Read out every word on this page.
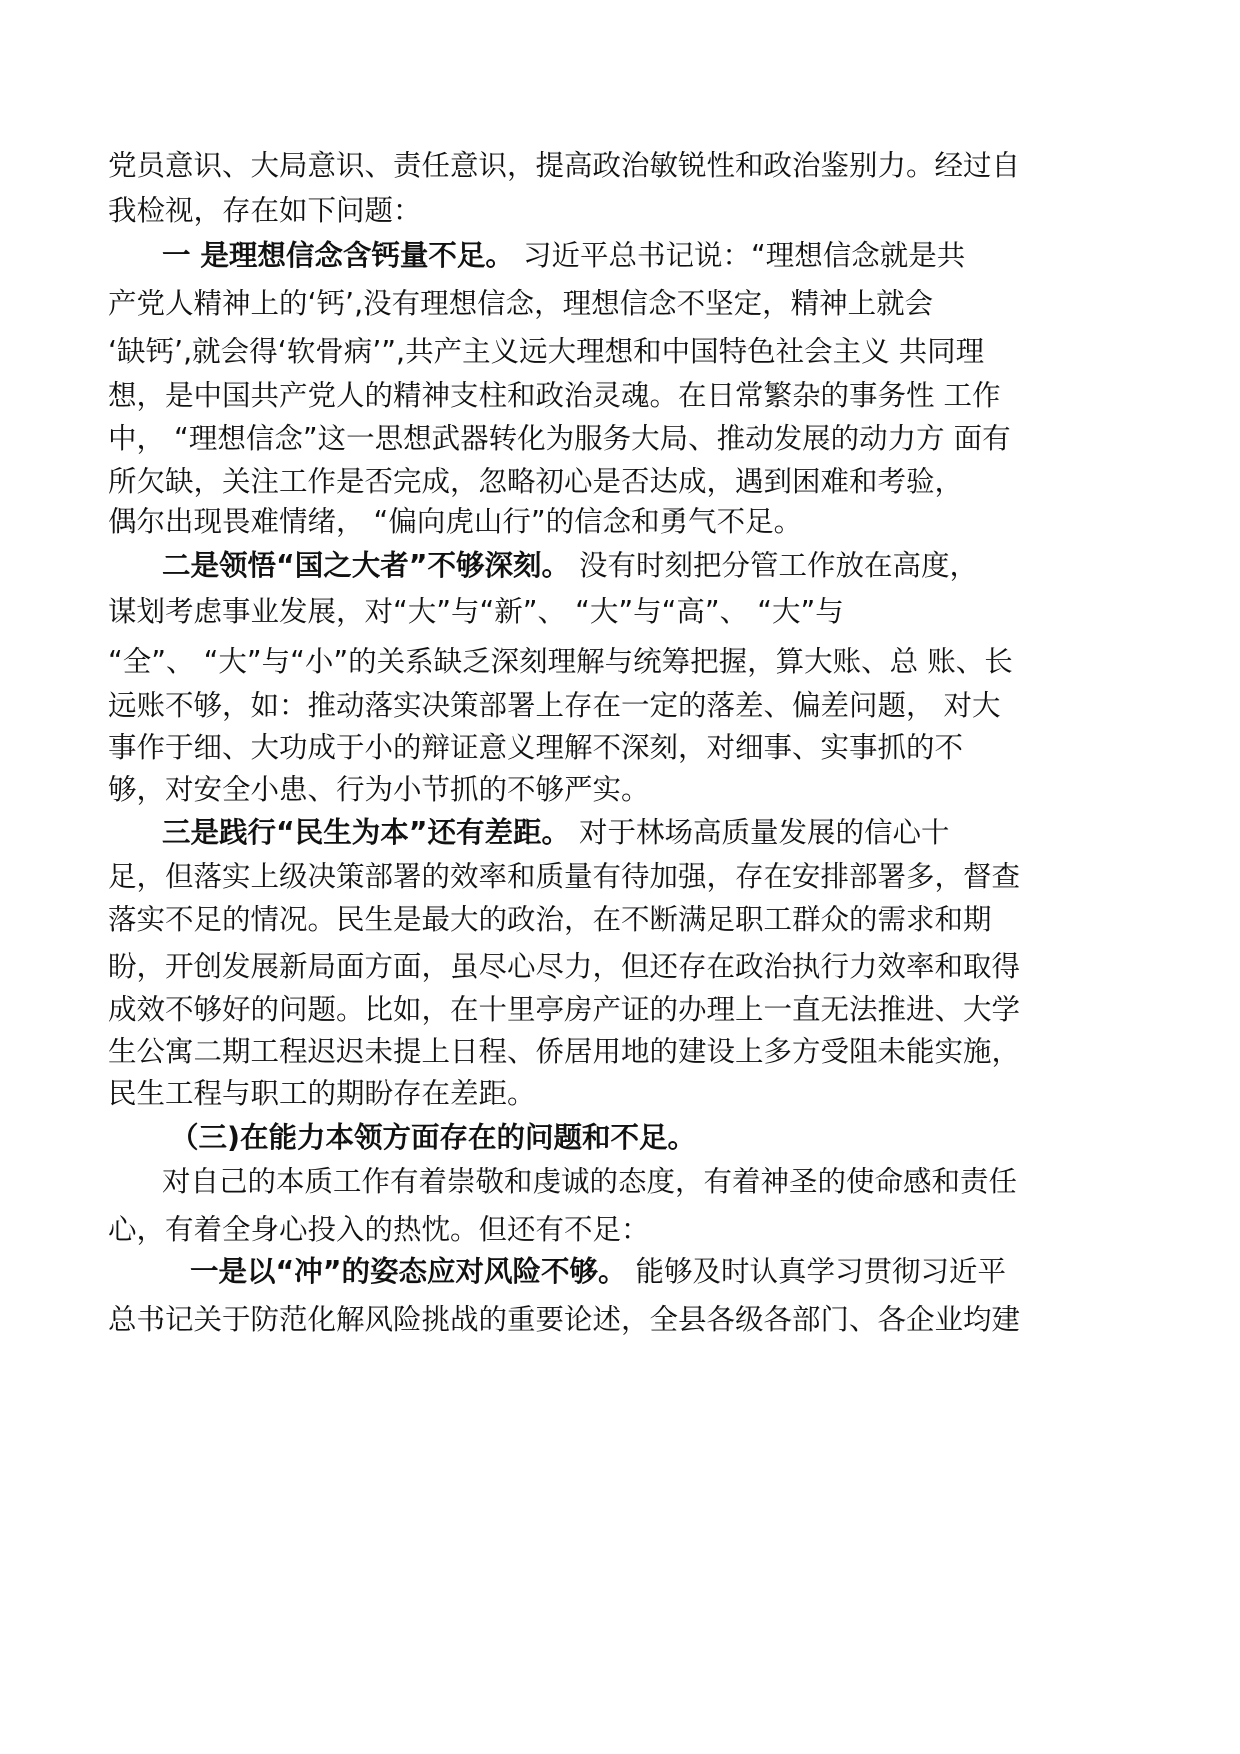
党员意识、大局意识、责任意识，提高政治敏锐性和政治鉴别力。经过自
我检视，存在如下问题：
一 是理想信念含钙量不足。 习近平总书记说：“理想信念就是共
产党人精神上的‘钙’,没有理想信念，理想信念不坚定，精神上就会
‘缺钙’,就会得‘软骨病’”,共产主义远大理想和中国特色社会主义 共同理
想，是中国共产党人的精神支柱和政治灵魂。在日常繁杂的事务性 工作
中， “理想信念”这一思想武器转化为服务大局、推动发展的动力方 面有
所欠缺，关注工作是否完成，忽略初心是否达成，遇到困难和考验，
偶尔出现畏难情绪， “偏向虎山行”的信念和勇气不足。
二是领悟“国之大者”不够深刻。 没有时刻把分管工作放在高度，
谋划考虑事业发展，对“大”与“新”、 “大”与“高”、 “大”与
“全”、 “大”与“小”的关系缺乏深刻理解与统筹把握，算大账、总 账、长
远账不够，如：推动落实决策部署上存在一定的落差、偏差问题， 对大
事作于细、大功成于小的辩证意义理解不深刻，对细事、实事抓的不
够，对安全小患、行为小节抓的不够严实。
三是践行“民生为本”还有差距。 对于林场高质量发展的信心十
足，但落实上级决策部署的效率和质量有待加强，存在安排部署多，督查
落实不足的情况。民生是最大的政治，在不断满足职工群众的需求和期
盼，开创发展新局面方面，虽尽心尽力，但还存在政治执行力效率和取得
成效不够好的问题。比如，在十里亭房产证的办理上一直无法推进、大学
生公寓二期工程迟迟未提上日程、侨居用地的建设上多方受阻未能实施，
民生工程与职工的期盼存在差距。
（三)在能力本领方面存在的问题和不足。
对自己的本质工作有着崇敬和虔诚的态度，有着神圣的使命感和责任
心，有着全身心投入的热忱。但还有不足：
一是以“冲”的姿态应对风险不够。 能够及时认真学习贯彻习近平
总书记关于防范化解风险挑战的重要论述，全县各级各部门、各企业均建
